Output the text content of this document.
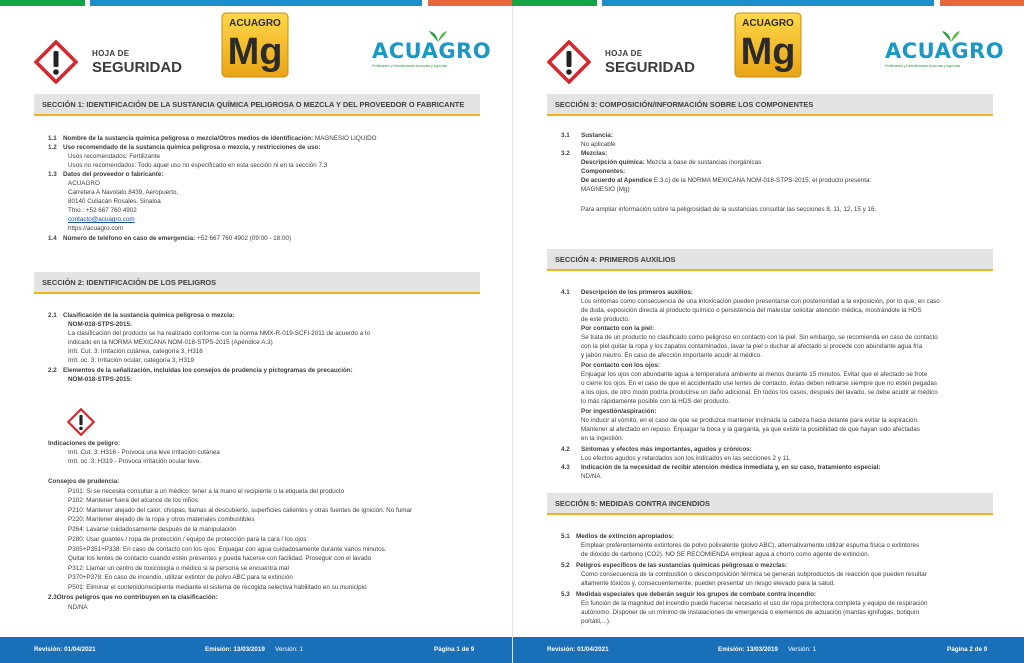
HOJA DE
SEGURIDAD
ACUAGRO
Mg	ACUAGRO
Fertilizantes y Desinfectantes Acuícolas y Agrícolas
SECCIÓN 1: IDENTIFICACIÓN DE LA SUSTANCIA QUÍMICA PELIGROSA O MEZCLA Y DEL PROVEEDOR O FABRICANTE
1.1 Nombre de la sustancia química peligrosa o mezcla/Otros medios de identificación: MAGNESIO LIQUIDO
1.2 Uso recomendado de la sustancia química peligrosa o mezcla, y restricciones de uso:
Usos recomendados: Fertilizante
Usos no recomendados: Todo aquel uso no especificado en esta sección ni en la sección 7.3
1.3 Datos del proveedor o fabricante:
ACUAGRO
Carretera A Navolato 8439, Aeropuerto,
80140 Culiacán Rosales, Sinaloa
Tfno.: +52 667 760 4902
contacto@acuagro.com
https://acuagro.com
1.4 Número de teléfono en caso de emergencia: +52 667 760 4902 (09:00 - 18:00)
SECCIÓN 2: IDENTIFICACIÓN DE LOS PELIGROS
2.1 Clasificación de la sustancia química peligrosa o mezcla:
NOM-018-STPS-2015:
La clasificación del producto se ha realizado conforme con la norma NMX-R-019-SCFI-2011 de acuerdo a lo
indicado en la NORMA MEXICANA NOM-018-STPS-2015 (Apéndice A.3)
Irrit. Cut. 3: Irritación cutánea, categoría 3, H316
Irrit. oc. 3: Irritación ocular, categoría 3, H319
2.2 Elementos de la señalización, incluidas los consejos de prudencia y pictogramas de precaución:
NOM-018-STPS-2015:
Indicaciones de peligro:
Irrit. Cut. 3: H316 - Provoca una leve irritación cutánea
Irrit. oc. 3: H319 - Provoca irritación ocular leve.
Consejos de prudencia:
P101: Si se necesita consultar a un médico: tener a la mano el recipiente o la etiqueta del producto
P102: Mantener fuera del alcance de los niños
P210: Mantener alejado del calor, chispas, llamas al descubierto, superficies calientes y otras fuentes de ignición. No fumar
P220: Mantener alejado de la ropa y otros materiales combustibles
P264: Lavarse cuidadosamente después de la manipulación
P280: Usar guantes / ropa de protección / equipo de protección para la cara / los ojos
P305+P351+P338: En caso de contacto con los ojos: Enjuagar con agua cuidadosamente durante varios minutos.
Quitar los lentes de contacto cuando estén presentes y pueda hacerse con facilidad. Proseguir con el lavado
P312: Llamar un centro de toxicología o médico si la persona se encuentra mal
P370+P378: En caso de incendio, utilizar extintor de polvo ABC para la extinción
P501: Eliminar el contenido/recipiente mediante el sistema de recogida selectiva habilitado en su municipio
2.3Otros peligros que no contribuyen en la clasificación:
ND/NA
Revisión: 01/04/2021	Emisión: 13/03/2019 Versión: 1	Página 1 de 9
HOJA DE
SEGURIDAD
ACUAGRO
Mg	ACUAGRO
Fertilizantes y Desinfectantes Acuícolas y Agrícolas
SECCIÓN 3: COMPOSICIÓN/INFORMACIÓN SOBRE LOS COMPONENTES
3.1 Sustancia:
No aplicable
3.2 Mezclas:
Descripción química: Mezcla a base de sustancias inorgánicas
Componentes:
De acuerdo al Apendice E.3.c) de la NORMA MEXICANA NOM-018-STPS-2015, el producto presenta:
MAGNESIO (Mg)
Para ampliar información sobre la peligrosidad de la sustancias consultar las secciones 8, 11, 12, 15 y 16.
SECCIÓN 4: PRIMEROS AUXILIOS
4.1 Descripción de los primeros auxilios:
Los síntomas como consecuencia de una intoxicación pueden presentarse con posterioridad a la exposición, por lo que, en caso
de duda, exposición directa al producto químico o persistencia del malestar solicitar atención médica, mostrándole la HDS
de este producto.
Por contacto con la piel:
Se trata de un producto no clasificado como peligroso en contacto con la piel. Sin embargo, se recomienda en caso de contacto
con la piel quitar la ropa y los zapatos contaminados, lavar la piel o duchar al afectado si procede con abundante agua fría
y jabón neutro. En caso de afección importante acudir al médico.
Por contacto con los ojos:
Enjuagar los ojos con abundante agua a temperatura ambiente al menos durante 15 minutos. Evitar que el afectado se frote
o cierre los ojos. En el caso de que el accidentado use lentes de contacto, éstas deben retirarse siempre que no estén pegadas
a los ojos, de otro modo podría producirse un daño adicional. En todos los casos, después del lavado, se debe acudir al médico
lo más rápidamente posible con la HDS del producto.
Por ingestión/aspiración:
No inducir al vómito, en el caso de que se produzca mantener inclinada la cabeza hacia delante para evitar la aspiración.
Mantener al afectado en reposo. Enjuagar la boca y la garganta, ya que existe la posibilidad de que hayan sido afectadas
en la ingestión.
4.2 Síntomas y efectos más importantes, agudos y crónicos:
Los efectos agudos y retardados son los indicados en las secciones 2 y 11.
4.3 Indicación de la necesidad de recibir atención médica inmediata y, en su caso, tratamiento especial:
ND/NA
SECCIÓN 5: MEDIDAS CONTRA INCENDIOS
5.1 Medios de extinción apropiados:
Emplear preferentemente extintores de polvo polivalente (polvo ABC), alternativamente utilizar espuma física o extintores
de dióxido de carbono (CO2). NO SE RECOMIENDA emplear agua a chorro como agente de extinción.
5.2 Peligros específicos de las sustancias químicas peligrosas o mezclas:
Como consecuencia de la combustión o descomposición térmica se generan subproductos de reacción que pueden resultar
altamente tóxicos y, consecuentemente, pueden presentar un riesgo elevado para la salud.
5.3 Medidas especiales que deberán seguir los grupos de combate contra incendio:
En función de la magnitud del incendio puede hacerse necesario el uso de ropa protectora completa y equipo de respiración
autónomo. Disponer de un mínimo de instalaciones de emergencia o elementos de actuación (mantas ignífugas, botiquín
portátil,...).
Revisión: 01/04/2021	Emisión: 13/03/2019 Versión: 1	Página 2 de 9
